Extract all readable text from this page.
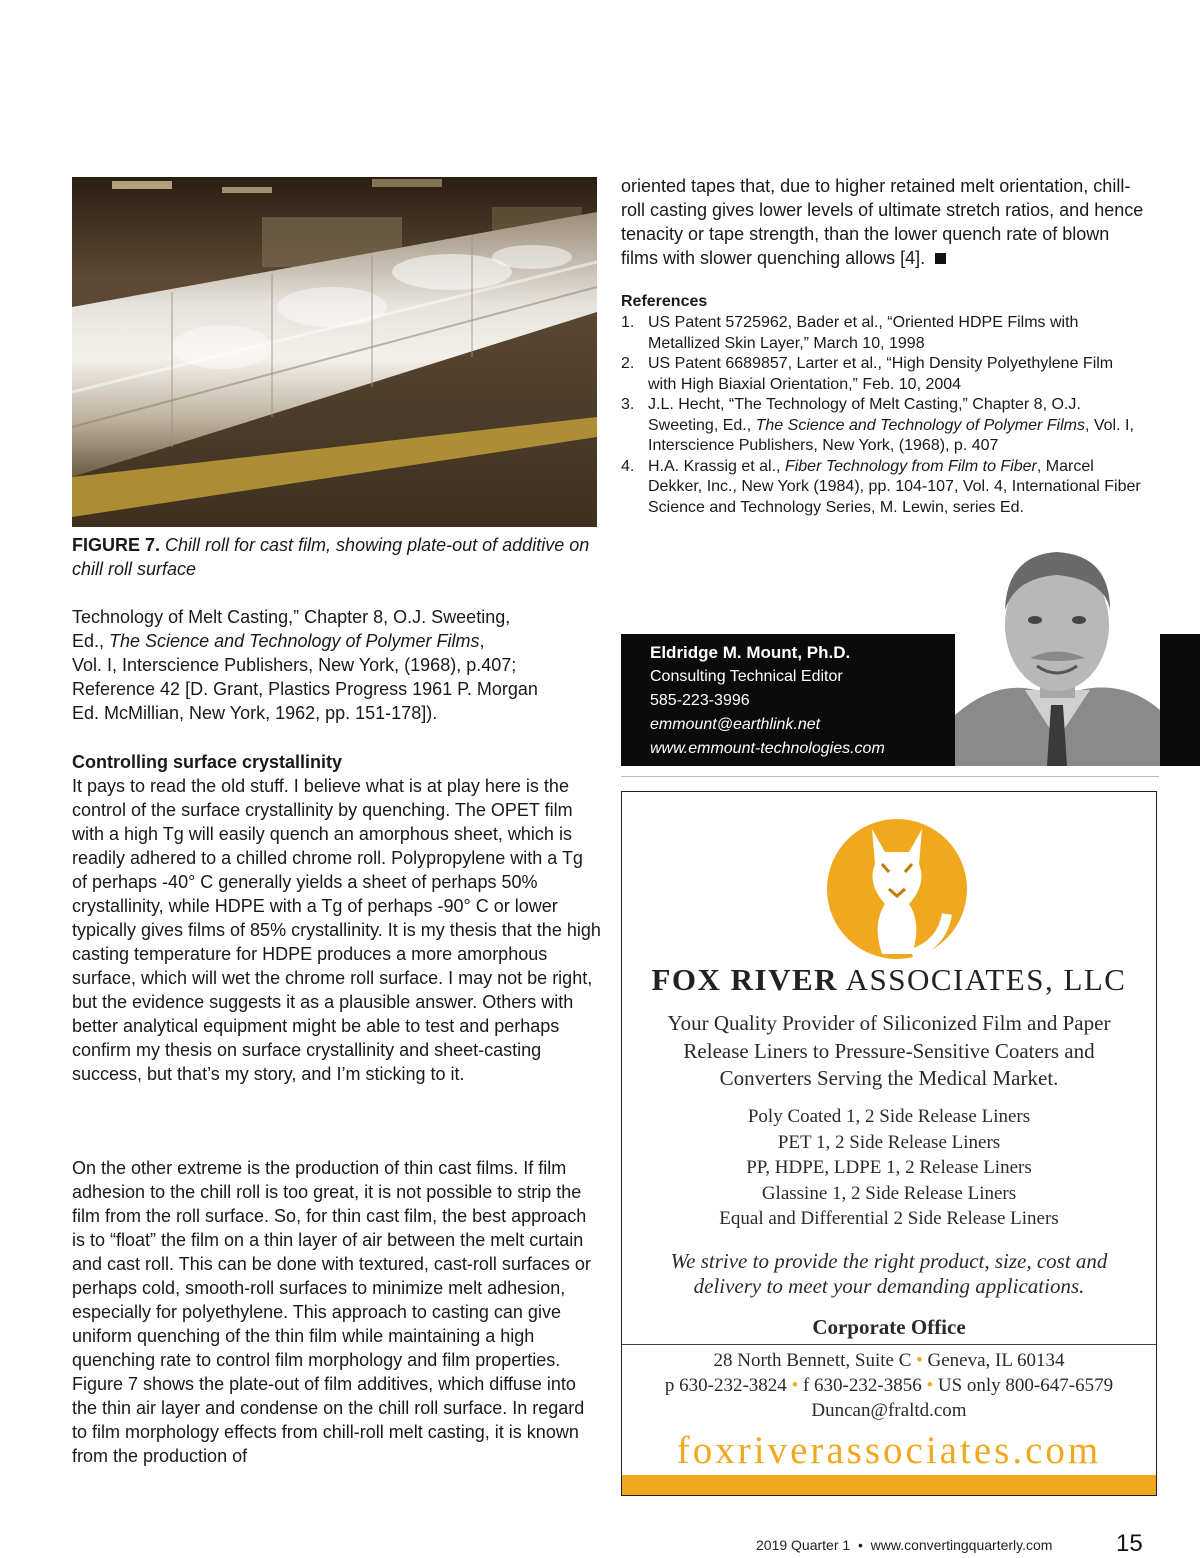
FIGURE 7. Chill roll for cast film, showing plate-out of additive on chill roll surface
Technology of Melt Casting,” Chapter 8, O.J. Sweeting,
Ed., The Science and Technology of Polymer Films,
Vol. I, Interscience Publishers, New York, (1968), p.407;
Reference 42 [D. Grant, Plastics Progress 1961 P. Morgan
Ed. McMillian, New York, 1962, pp. 151-178]).
Controlling surface crystallinity
It pays to read the old stuff. I believe what is at play here is the control of the surface crystallinity by quenching. The OPET film with a high Tg will easily quench an amorphous sheet, which is readily adhered to a chilled chrome roll. Polypropylene with a Tg of perhaps -40° C generally yields a sheet of perhaps 50% crystallinity, while HDPE with a Tg of perhaps -90° C or lower typically gives films of 85% crystallinity. It is my thesis that the high casting temperature for HDPE produces a more amorphous surface, which will wet the chrome roll surface. I may not be right, but the evidence suggests it as a plausible answer. Others with better analytical equipment might be able to test and perhaps confirm my thesis on surface crystallinity and sheet-casting success, but that’s my story, and I’m sticking to it.
On the other extreme is the production of thin cast films. If film adhesion to the chill roll is too great, it is not possible to strip the film from the roll surface. So, for thin cast film, the best approach is to “float” the film on a thin layer of air between the melt curtain and cast roll. This can be done with textured, cast-roll surfaces or perhaps cold, smooth-roll surfaces to minimize melt adhesion, especially for polyethylene. This approach to casting can give uniform quenching of the thin film while maintaining a high quenching rate to control film morphology and film properties. Figure 7 shows the plate-out of film additives, which diffuse into the thin air layer and condense on the chill roll surface. In regard to film morphology effects from chill-roll melt casting, it is known from the production of
oriented tapes that, due to higher retained melt orientation, chill-roll casting gives lower levels of ultimate stretch ratios, and hence tenacity or tape strength, than the lower quench rate of blown films with slower quenching allows [4].
References
1. US Patent 5725962, Bader et al., “Oriented HDPE Films with Metallized Skin Layer,” March 10, 1998
2. US Patent 6689857, Larter et al., “High Density Polyethylene Film with High Biaxial Orientation,” Feb. 10, 2004
3. J.L. Hecht, “The Technology of Melt Casting,” Chapter 8, O.J. Sweeting, Ed., The Science and Technology of Polymer Films, Vol. I, Interscience Publishers, New York, (1968), p. 407
4. H.A. Krassig et al., Fiber Technology from Film to Fiber, Marcel Dekker, Inc., New York (1984), pp. 104-107, Vol. 4, International Fiber Science and Technology Series, M. Lewin, series Ed.
Eldridge M. Mount, Ph.D.
Consulting Technical Editor
585-223-3996
emmount@earthlink.net
www.emmount-technologies.com
FOX RIVER ASSOCIATES, LLC
Your Quality Provider of Siliconized Film and Paper
Release Liners to Pressure-Sensitive Coaters and
Converters Serving the Medical Market.
Poly Coated 1, 2 Side Release Liners
PET 1, 2 Side Release Liners
PP, HDPE, LDPE 1, 2 Release Liners
Glassine 1, 2 Side Release Liners
Equal and Differential 2 Side Release Liners
We strive to provide the right product, size, cost and
delivery to meet your demanding applications.
Corporate Office
28 North Bennett, Suite C • Geneva, IL 60134
p 630-232-3824 • f 630-232-3856 • US only 800-647-6579
Duncan@fraltd.com
foxriverassociates.com
2019 Quarter 1 • www.convertingquarterly.com	15
